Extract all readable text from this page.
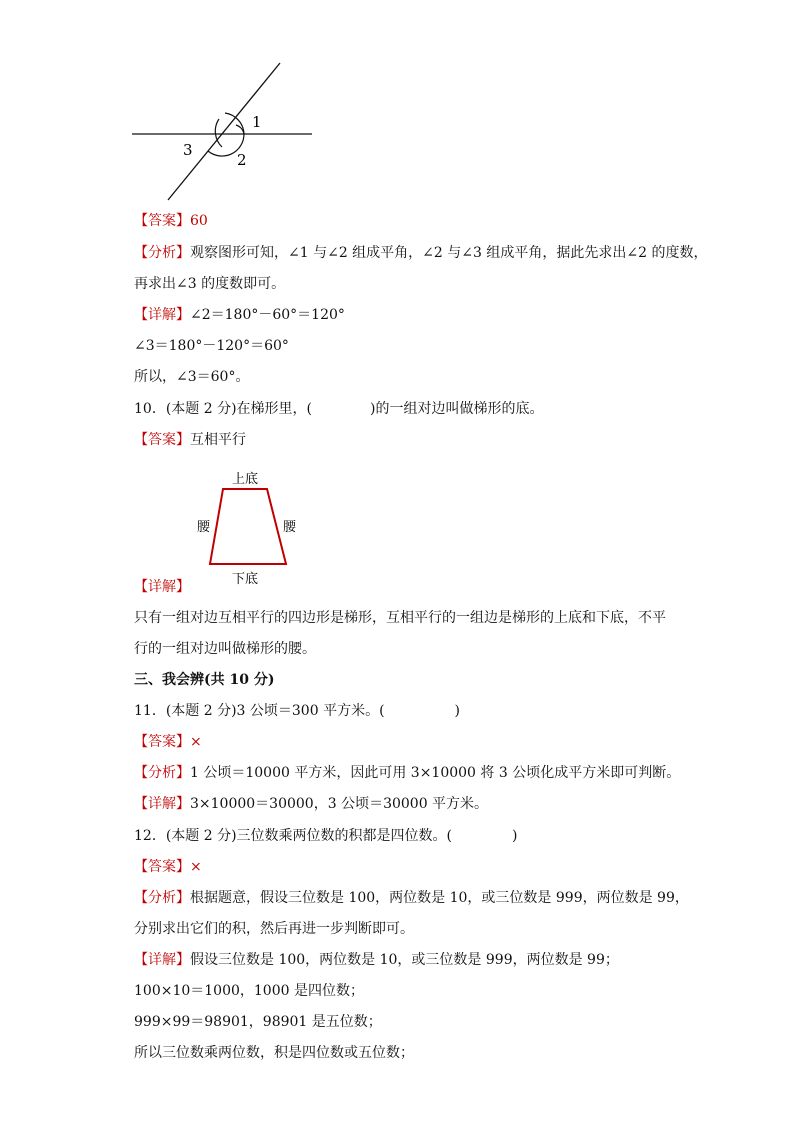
1
2
3
【答案】60
【分析】观察图形可知，∠1 与∠2 组成平角，∠2 与∠3 组成平角，据此先求出∠2 的度数，
再求出∠3 的度数即可。
【详解】∠2＝180°－60°＝120°
∠3＝180°－120°＝60°
所以，∠3＝60°。
10．(本题 2 分)在梯形里，(	)的一组对边叫做梯形的底。
【答案】互相平行
上底
腰	腰
下底
【详解】
只有一组对边互相平行的四边形是梯形，互相平行的一组边是梯形的上底和下底，不平
行的一组对边叫做梯形的腰。
三、我会辨(共 10 分)
11．(本题 2 分)3 公顷＝300 平方米。(	)
【答案】×
【分析】1 公顷＝10000 平方米，因此可用 3×10000 将 3 公顷化成平方米即可判断。
【详解】3×10000＝30000，3 公顷＝30000 平方米。
12．(本题 2 分)三位数乘两位数的积都是四位数。(	)
【答案】×
【分析】根据题意，假设三位数是 100，两位数是 10，或三位数是 999，两位数是 99，
分别求出它们的积，然后再进一步判断即可。
【详解】假设三位数是 100，两位数是 10，或三位数是 999，两位数是 99；
100×10＝1000，1000 是四位数；
999×99＝98901，98901 是五位数；
所以三位数乘两位数，积是四位数或五位数；
